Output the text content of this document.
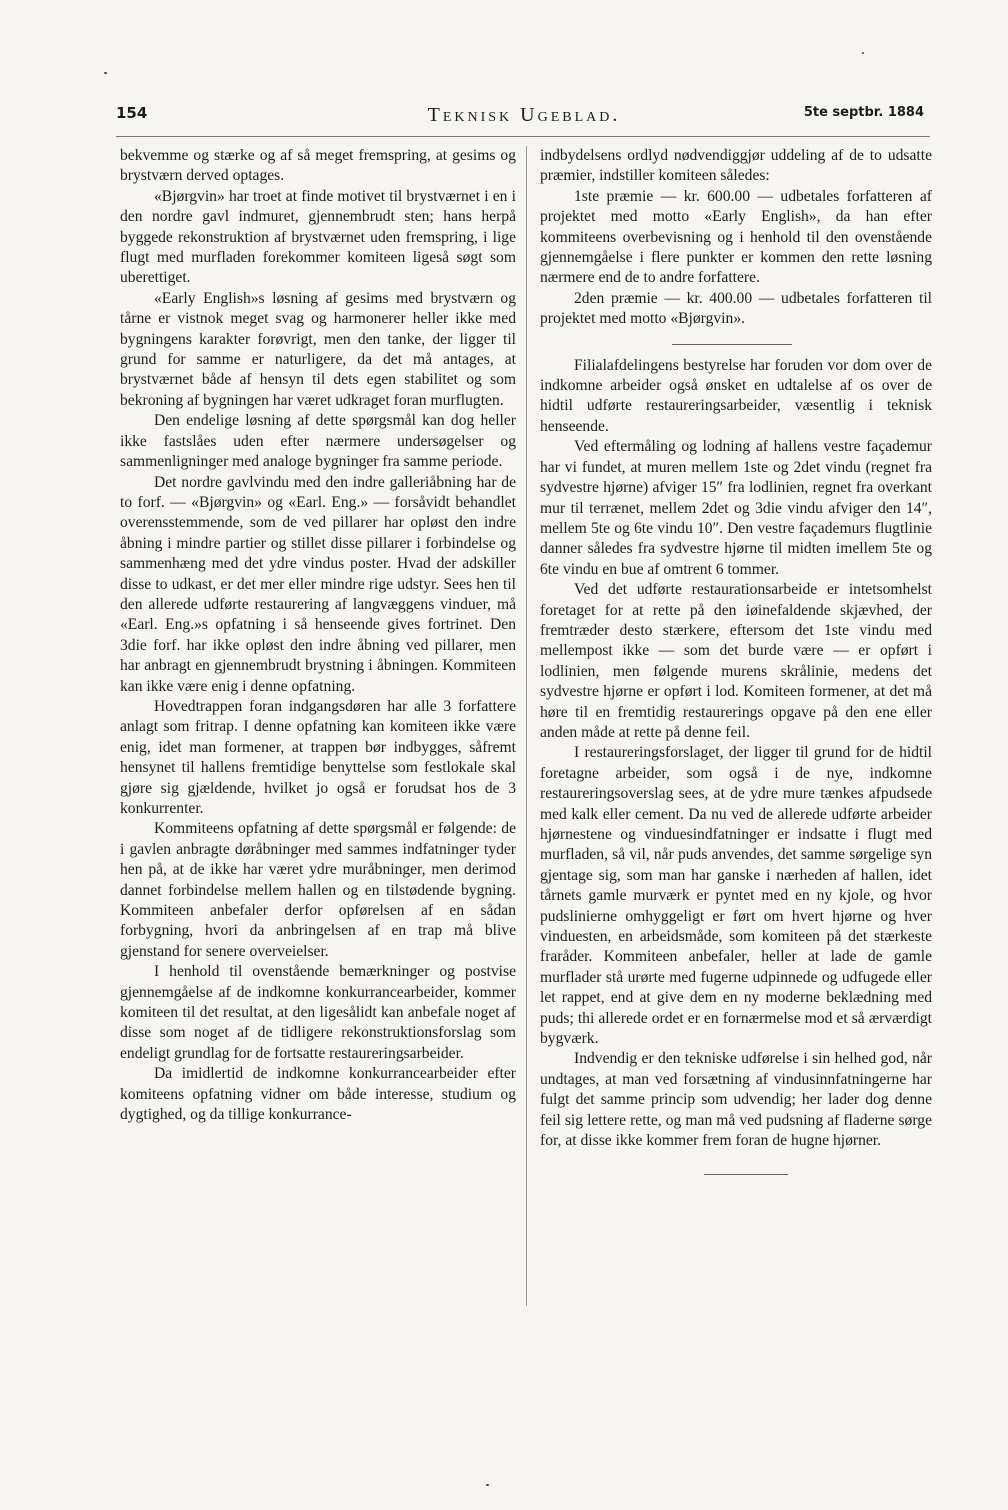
154	Teknisk Ugeblad.	5te septbr. 1884

bekvemme og stærke og af så meget fremspring, at gesims og brystværn derved optages.

«Bjørgvin» har troet at finde motivet til brystværnet i en i den nordre gavl indmuret, gjennembrudt sten; hans herpå byggede rekonstruktion af brystværnet uden fremspring, i lige flugt med murfladen forekommer komiteen ligeså søgt som uberettiget.

«Early English»s løsning af gesims med brystværn og tårne er vistnok meget svag og harmonerer heller ikke med bygningens karakter forøvrigt, men den tanke, der ligger til grund for samme er naturligere, da det må antages, at brystværnet både af hensyn til dets egen stabilitet og som bekroning af bygningen har været udkraget foran murflugten.

Den endelige løsning af dette spørgsmål kan dog heller ikke fastslåes uden efter nærmere undersøgelser og sammenligninger med analoge bygninger fra samme periode.

Det nordre gavlvindu med den indre galleriåbning har de to forf. — «Bjørgvin» og «Earl. Eng.» — forsåvidt behandlet overensstemmende, som de ved pillarer har opløst den indre åbning i mindre partier og stillet disse pillarer i forbindelse og sammenhæng med det ydre vindus poster. Hvad der adskiller disse to udkast, er det mer eller mindre rige udstyr. Sees hen til den allerede udførte restaurering af langvæggens vinduer, må «Earl. Eng.»s opfatning i så henseende gives fortrinet. Den 3die forf. har ikke opløst den indre åbning ved pillarer, men har anbragt en gjennembrudt brystning i åbningen. Kommiteen kan ikke være enig i denne opfatning.

Hovedtrappen foran indgangsdøren har alle 3 forfattere anlagt som fritrap. I denne opfatning kan komiteen ikke være enig, idet man formener, at trappen bør indbygges, såfremt hensynet til hallens fremtidige benyttelse som festlokale skal gjøre sig gjældende, hvilket jo også er forudsat hos de 3 konkurrenter.

Kommiteens opfatning af dette spørgsmål er følgende: de i gavlen anbragte døråbninger med sammes indfatninger tyder hen på, at de ikke har været ydre muråbninger, men derimod dannet forbindelse mellem hallen og en tilstødende bygning. Kommiteen anbefaler derfor opførelsen af en sådan forbygning, hvori da anbringelsen af en trap må blive gjenstand for senere overveielser.

I henhold til ovenstående bemærkninger og postvise gjennemgåelse af de indkomne konkurrancearbeider, kommer komiteen til det resultat, at den ligesålidt kan anbefale noget af disse som noget af de tidligere rekonstruktionsforslag som endeligt grundlag for de fortsatte restaureringsarbeider.

Da imidlertid de indkomne konkurrancearbeider efter komiteens opfatning vidner om både interesse, studium og dygtighed, og da tillige konkurrance-

indbydelsens ordlyd nødvendiggjør uddeling af de to udsatte præmier, indstiller komiteen således:

1ste præmie — kr. 600.00 — udbetales forfatteren af projektet med motto «Early English», da han efter kommiteens overbevisning og i henhold til den ovenstående gjennemgåelse i flere punkter er kommen den rette løsning nærmere end de to andre forfattere.

2den præmie — kr. 400.00 — udbetales forfatteren til projektet med motto «Bjørgvin».

Filialafdelingens bestyrelse har foruden vor dom over de indkomne arbeider også ønsket en udtalelse af os over de hidtil udførte restaureringsarbeider, væsentlig i teknisk henseende.

Ved eftermåling og lodning af hallens vestre façademur har vi fundet, at muren mellem 1ste og 2det vindu (regnet fra sydvestre hjørne) afviger 15″ fra lodlinien, regnet fra overkant mur til terrænet, mellem 2det og 3die vindu afviger den 14″, mellem 5te og 6te vindu 10″. Den vestre façademurs flugtlinie danner således fra sydvestre hjørne til midten imellem 5te og 6te vindu en bue af omtrent 6 tommer.

Ved det udførte restaurationsarbeide er intetsomhelst foretaget for at rette på den iøinefaldende skjævhed, der fremtræder desto stærkere, eftersom det 1ste vindu med mellempost ikke — som det burde være — er opført i lodlinien, men følgende murens skrålinie, medens det sydvestre hjørne er opført i lod. Komiteen formener, at det må høre til en fremtidig restaurerings opgave på den ene eller anden måde at rette på denne feil.

I restaureringsforslaget, der ligger til grund for de hidtil foretagne arbeider, som også i de nye, indkomne restaureringsoverslag sees, at de ydre mure tænkes afpudsede med kalk eller cement. Da nu ved de allerede udførte arbeider hjørnestene og vinduesindfatninger er indsatte i flugt med murfladen, så vil, når puds anvendes, det samme sørgelige syn gjentage sig, som man har ganske i nærheden af hallen, idet tårnets gamle murværk er pyntet med en ny kjole, og hvor pudslinierne omhyggeligt er ført om hvert hjørne og hver vinduesten, en arbeidsmåde, som komiteen på det stærkeste fraråder. Kommiteen anbefaler, heller at lade de gamle murflader stå urørte med fugerne udpinnede og udfugede eller let rappet, end at give dem en ny moderne beklædning med puds; thi allerede ordet er en fornærmelse mod et så ærværdigt bygværk.

Indvendig er den tekniske udførelse i sin helhed god, når undtages, at man ved forsætning af vindusinnfatningerne har fulgt det samme princip som udvendig; her lader dog denne feil sig lettere rette, og man må ved pudsning af fladerne sørge for, at disse ikke kommer frem foran de hugne hjørner.
